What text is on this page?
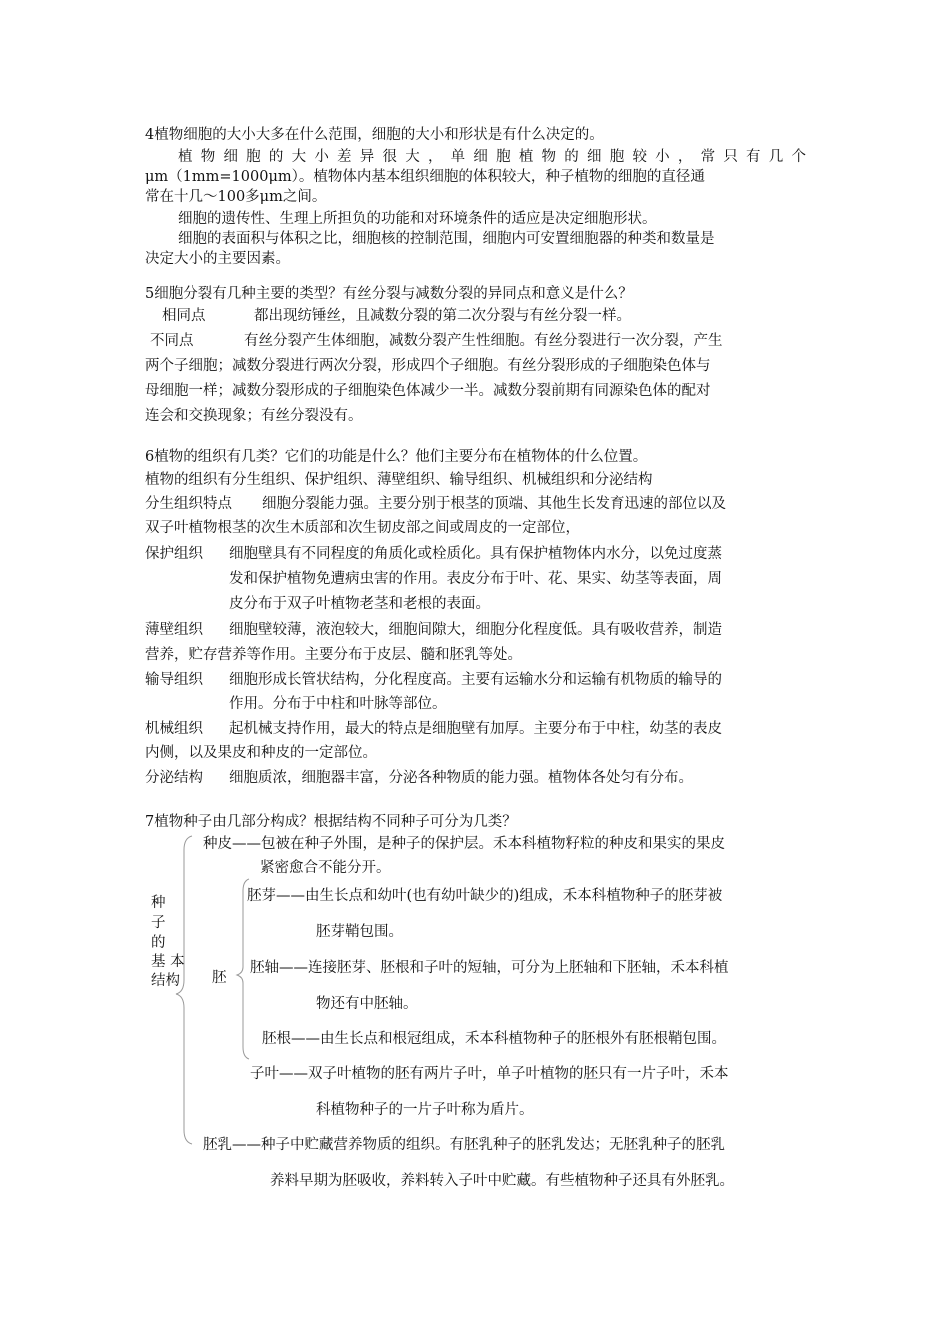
4植物细胞的大小大多在什么范围，细胞的大小和形状是有什么决定的。
植物细胞的大小差异很大，单细胞植物的细胞较小，常只有几个
μm（1mm=1000μm）。植物体内基本组织细胞的体积较大，种子植物的细胞的直径通
常在十几～100多μm之间。
细胞的遗传性、生理上所担负的功能和对环境条件的适应是决定细胞形状。
细胞的表面积与体积之比，细胞核的控制范围，细胞内可安置细胞器的种类和数量是
决定大小的主要因素。
5细胞分裂有几种主要的类型？有丝分裂与减数分裂的异同点和意义是什么？
相同点	都出现纺锤丝，且减数分裂的第二次分裂与有丝分裂一样。
不同点	有丝分裂产生体细胞，减数分裂产生性细胞。有丝分裂进行一次分裂，产生
两个子细胞；减数分裂进行两次分裂，形成四个子细胞。有丝分裂形成的子细胞染色体与
母细胞一样；减数分裂形成的子细胞染色体减少一半。减数分裂前期有同源染色体的配对
连会和交换现象；有丝分裂没有。
6植物的组织有几类？它们的功能是什么？他们主要分布在植物体的什么位置。
植物的组织有分生组织、保护组织、薄壁组织、输导组织、机械组织和分泌结构
分生组织特点 细胞分裂能力强。主要分别于根茎的顶端、其他生长发育迅速的部位以及
双子叶植物根茎的次生木质部和次生韧皮部之间或周皮的一定部位，
保护组织 细胞壁具有不同程度的角质化或栓质化。具有保护植物体内水分，以免过度蒸
发和保护植物免遭病虫害的作用。表皮分布于叶、花、果实、幼茎等表面，周
皮分布于双子叶植物老茎和老根的表面。
薄壁组织 细胞壁较薄，液泡较大，细胞间隙大，细胞分化程度低。具有吸收营养，制造
营养，贮存营养等作用。主要分布于皮层、髓和胚乳等处。
输导组织 细胞形成长管状结构，分化程度高。主要有运输水分和运输有机物质的输导的
作用。分布于中柱和叶脉等部位。
机械组织 起机械支持作用，最大的特点是细胞壁有加厚。主要分布于中柱，幼茎的表皮
内侧，以及果皮和种皮的一定部位。
分泌结构 细胞质浓，细胞器丰富，分泌各种物质的能力强。植物体各处匀有分布。
7植物种子由几部分构成？根据结构不同种子可分为几类？
种
子
的
基 本
结构 胚
种皮——包被在种子外围，是种子的保护层。禾本科植物籽粒的种皮和果实的果皮
紧密愈合不能分开。
胚芽——由生长点和幼叶(也有幼叶缺少的)组成，禾本科植物种子的胚芽被
胚芽鞘包围。
胚轴——连接胚芽、胚根和子叶的短轴，可分为上胚轴和下胚轴，禾本科植
物还有中胚轴。
胚根——由生长点和根冠组成，禾本科植物种子的胚根外有胚根鞘包围。
子叶——双子叶植物的胚有两片子叶，单子叶植物的胚只有一片子叶，禾本
科植物种子的一片子叶称为盾片。
胚乳——种子中贮藏营养物质的组织。有胚乳种子的胚乳发达；无胚乳种子的胚乳
养料早期为胚吸收，养料转入子叶中贮藏。有些植物种子还具有外胚乳。
